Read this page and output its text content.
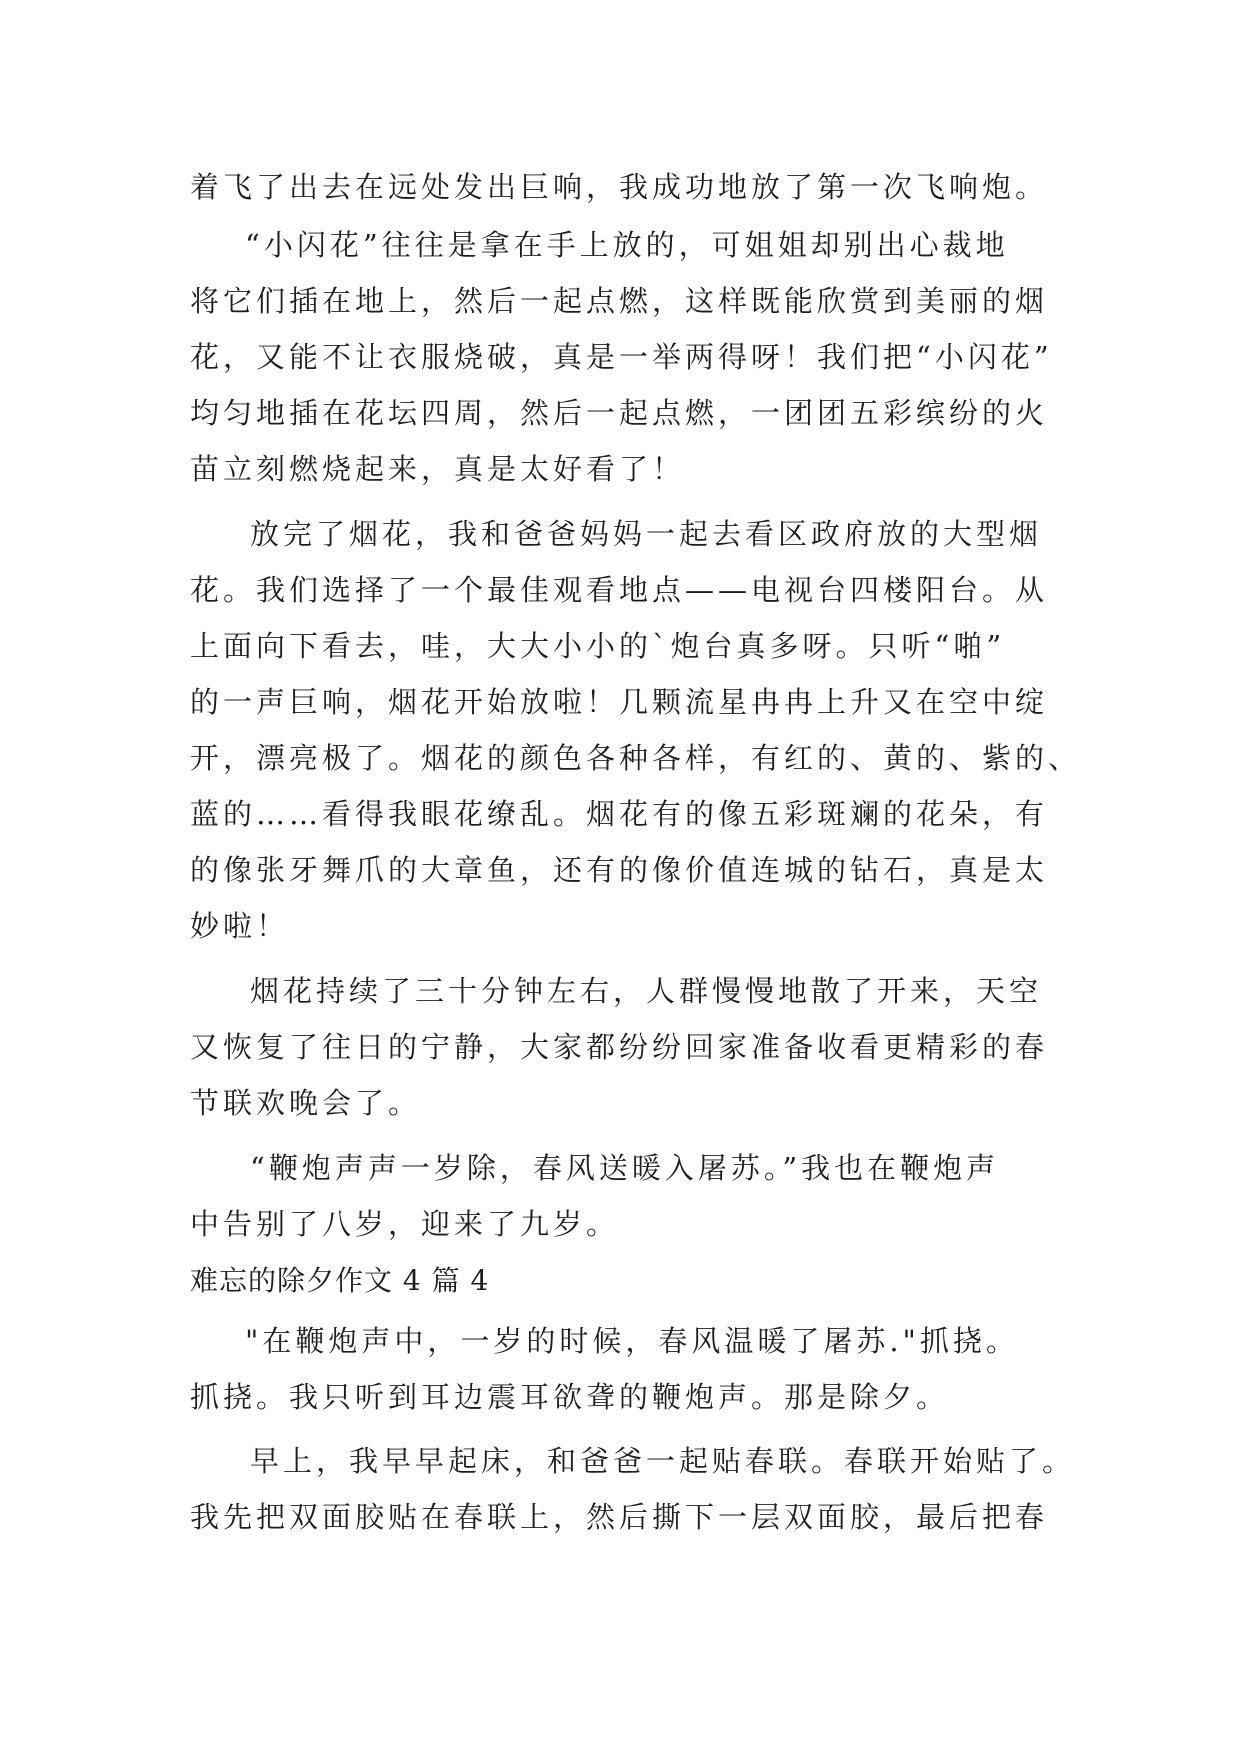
着飞了出去在远处发出巨响，我成功地放了第一次飞响炮。
“小闪花”往往是拿在手上放的，可姐姐却别出心裁地
将它们插在地上，然后一起点燃，这样既能欣赏到美丽的烟
花，又能不让衣服烧破，真是一举两得呀！我们把“小闪花”
均匀地插在花坛四周，然后一起点燃，一团团五彩缤纷的火
苗立刻燃烧起来，真是太好看了！
放完了烟花，我和爸爸妈妈一起去看区政府放的大型烟
花。我们选择了一个最佳观看地点——电视台四楼阳台。从
上面向下看去，哇，大大小小的`炮台真多呀。只听“啪”
的一声巨响，烟花开始放啦！几颗流星冉冉上升又在空中绽
开，漂亮极了。烟花的颜色各种各样，有红的、黄的、紫的、
蓝的……看得我眼花缭乱。烟花有的像五彩斑斓的花朵，有
的像张牙舞爪的大章鱼，还有的像价值连城的钻石，真是太
妙啦！
烟花持续了三十分钟左右，人群慢慢地散了开来，天空
又恢复了往日的宁静，大家都纷纷回家准备收看更精彩的春
节联欢晚会了。
“鞭炮声声一岁除，春风送暖入屠苏。”我也在鞭炮声
中告别了八岁，迎来了九岁。
难忘的除夕作文 4 篇 4
"在鞭炮声中，一岁的时候，春风温暖了屠苏."抓挠。
抓挠。我只听到耳边震耳欲聋的鞭炮声。那是除夕。
早上，我早早起床，和爸爸一起贴春联。春联开始贴了。
我先把双面胶贴在春联上，然后撕下一层双面胶，最后把春
